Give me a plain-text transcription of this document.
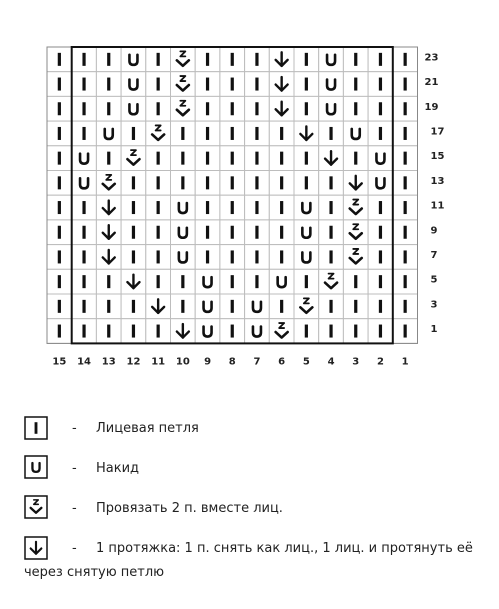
23
21
19
17
15
13
11
9
7
5
3
1
15 14 13 12 11 10 9 8 7 6 5 4 3 2 1
- Лицевая петля
- Накид
- Провязать 2 п. вместе лиц.
- 1 протяжка: 1 п. снять как лиц., 1 лиц. и протянуть её
через снятую петлю
